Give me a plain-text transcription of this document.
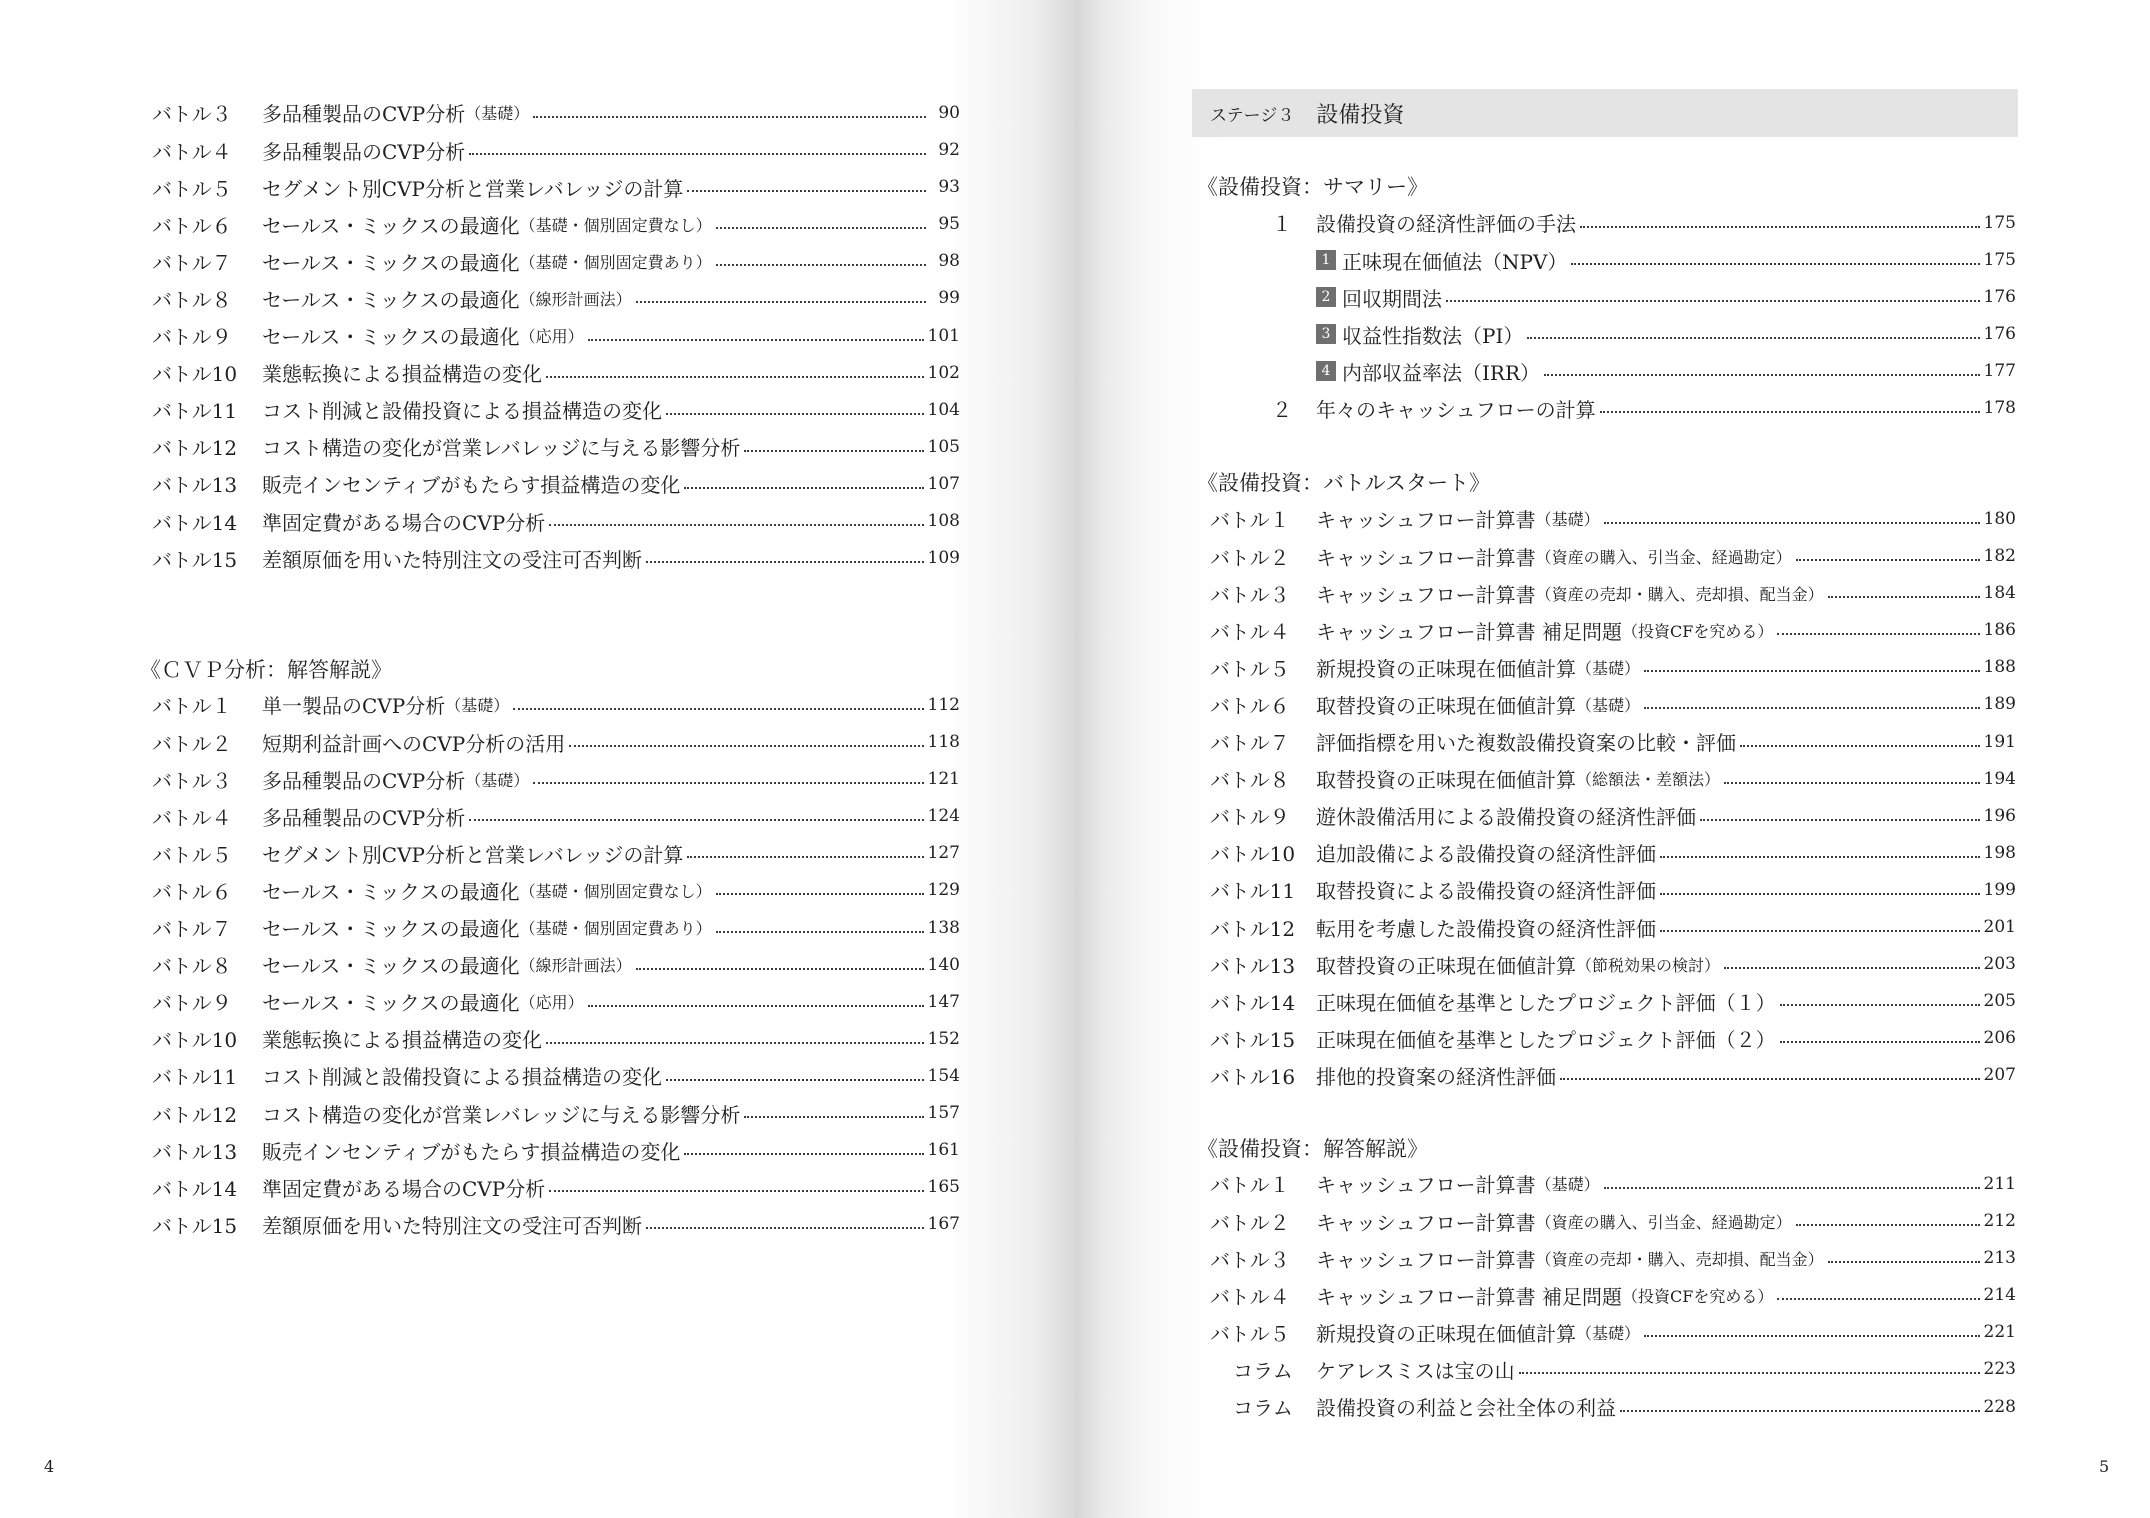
ステージ３ 設備投資
バトル３	多品種製品のCVP分析 （基礎）	90
バトル４	多品種製品のCVP分析	92
バトル５	セグメント別CVP分析と営業レバレッジの計算	93
バトル６	セールス・ミックスの最適化 （基礎・個別固定費なし）	95
バトル７	セールス・ミックスの最適化 （基礎・個別固定費あり）	98
バトル８	セールス・ミックスの最適化 （線形計画法）	99
バトル９	セールス・ミックスの最適化 （応用）	101
バトル10	業態転換による損益構造の変化	102
バトル11	コスト削減と設備投資による損益構造の変化	104
バトル12	コスト構造の変化が営業レバレッジに与える影響分析	105
バトル13	販売インセンティブがもたらす損益構造の変化	107
バトル14	準固定費がある場合のCVP分析	108
バトル15	差額原価を用いた特別注文の受注可否判断	109
《ＣＶＰ分析：解答解説》
バトル１	単一製品のCVP分析 （基礎）	112
バトル２	短期利益計画へのCVP分析の活用	118
バトル３	多品種製品のCVP分析 （基礎）	121
バトル４	多品種製品のCVP分析	124
バトル５	セグメント別CVP分析と営業レバレッジの計算	127
バトル６	セールス・ミックスの最適化 （基礎・個別固定費なし）	129
バトル７	セールス・ミックスの最適化 （基礎・個別固定費あり）	138
バトル８	セールス・ミックスの最適化 （線形計画法）	140
バトル９	セールス・ミックスの最適化 （応用）	147
バトル10	業態転換による損益構造の変化	152
バトル11	コスト削減と設備投資による損益構造の変化	154
バトル12	コスト構造の変化が営業レバレッジに与える影響分析	157
バトル13	販売インセンティブがもたらす損益構造の変化	161
バトル14	準固定費がある場合のCVP分析	165
バトル15	差額原価を用いた特別注文の受注可否判断	167
《設備投資：サマリー》
１	設備投資の経済性評価の手法	175
1 正味現在価値法（NPV）	175
2 回収期間法	176
3 収益性指数法（PI）	176
4 内部収益率法（IRR）	177
２	年々のキャッシュフローの計算	178
《設備投資：バトルスタート》
バトル１	キャッシュフロー計算書 （基礎）	180
バトル２	キャッシュフロー計算書 （資産の購入、引当金、経過勘定）	182
バトル３	キャッシュフロー計算書 （資産の売却・購入、売却損、配当金）	184
バトル４	キャッシュフロー計算書 補足問題 （投資CFを究める）	186
バトル５	新規投資の正味現在価値計算 （基礎）	188
バトル６	取替投資の正味現在価値計算 （基礎）	189
バトル７	評価指標を用いた複数設備投資案の比較・評価	191
バトル８	取替投資の正味現在価値計算 （総額法・差額法）	194
バトル９	遊休設備活用による設備投資の経済性評価	196
バトル10	追加設備による設備投資の経済性評価	198
バトル11	取替投資による設備投資の経済性評価	199
バトル12	転用を考慮した設備投資の経済性評価	201
バトル13	取替投資の正味現在価値計算 （節税効果の検討）	203
バトル14	正味現在価値を基準としたプロジェクト評価（１）	205
バトル15	正味現在価値を基準としたプロジェクト評価（２）	206
バトル16	排他的投資案の経済性評価	207
《設備投資：解答解説》
バトル１	キャッシュフロー計算書 （基礎）	211
バトル２	キャッシュフロー計算書 （資産の購入、引当金、経過勘定）	212
バトル３	キャッシュフロー計算書 （資産の売却・購入、売却損、配当金）	213
バトル４	キャッシュフロー計算書 補足問題 （投資CFを究める）	214
バトル５	新規投資の正味現在価値計算 （基礎）	221
コラム	ケアレスミスは宝の山	223
コラム	設備投資の利益と会社全体の利益	228
4	5
